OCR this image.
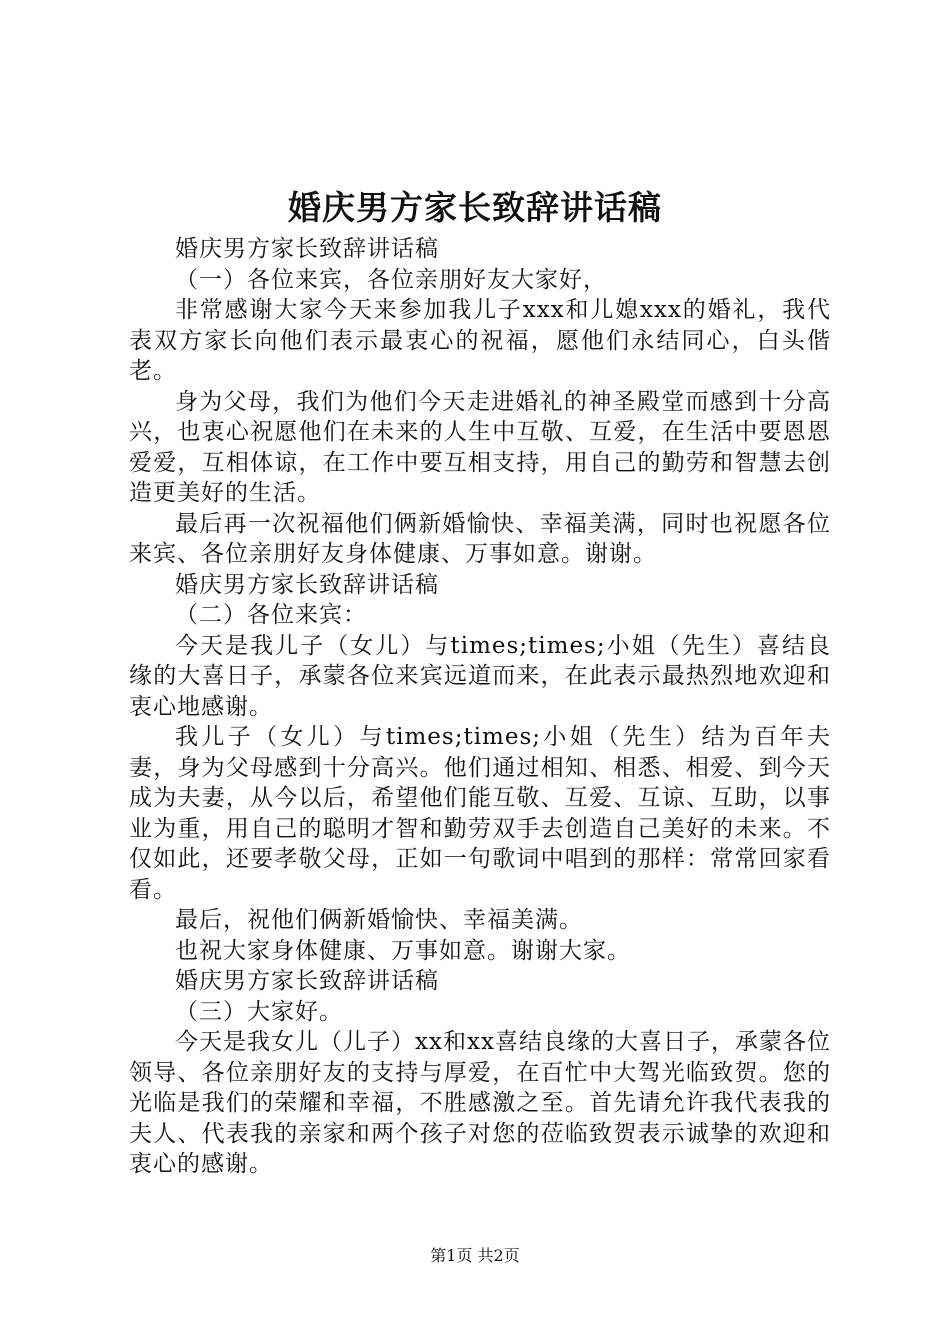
婚庆男方家长致辞讲话稿

婚庆男方家长致辞讲话稿

（一）各位来宾，各位亲朋好友大家好，

非常感谢大家今天来参加我儿子xxx和儿媳xxx的婚礼，我代表双方家长向他们表示最衷心的祝福，愿他们永结同心，白头偕老。

身为父母，我们为他们今天走进婚礼的神圣殿堂而感到十分高兴，也衷心祝愿他们在未来的人生中互敬、互爱，在生活中要恩恩爱爱，互相体谅，在工作中要互相支持，用自己的勤劳和智慧去创造更美好的生活。

最后再一次祝福他们俩新婚愉快、幸福美满，同时也祝愿各位来宾、各位亲朋好友身体健康、万事如意。谢谢。

婚庆男方家长致辞讲话稿

（二）各位来宾：

今天是我儿子（女儿）与times;times;小姐（先生）喜结良缘的大喜日子，承蒙各位来宾远道而来，在此表示最热烈地欢迎和衷心地感谢。

我儿子（女儿）与times;times;小姐（先生）结为百年夫妻，身为父母感到十分高兴。他们通过相知、相悉、相爱、到今天成为夫妻，从今以后，希望他们能互敬、互爱、互谅、互助，以事业为重，用自己的聪明才智和勤劳双手去创造自己美好的未来。不仅如此，还要孝敬父母，正如一句歌词中唱到的那样：常常回家看看。

最后，祝他们俩新婚愉快、幸福美满。

也祝大家身体健康、万事如意。谢谢大家。

婚庆男方家长致辞讲话稿

（三）大家好。

今天是我女儿（儿子）xx和xx喜结良缘的大喜日子，承蒙各位领导、各位亲朋好友的支持与厚爱，在百忙中大驾光临致贺。您的光临是我们的荣耀和幸福，不胜感激之至。首先请允许我代表我的夫人、代表我的亲家和两个孩子对您的莅临致贺表示诚挚的欢迎和衷心的感谢。

第1页 共2页
